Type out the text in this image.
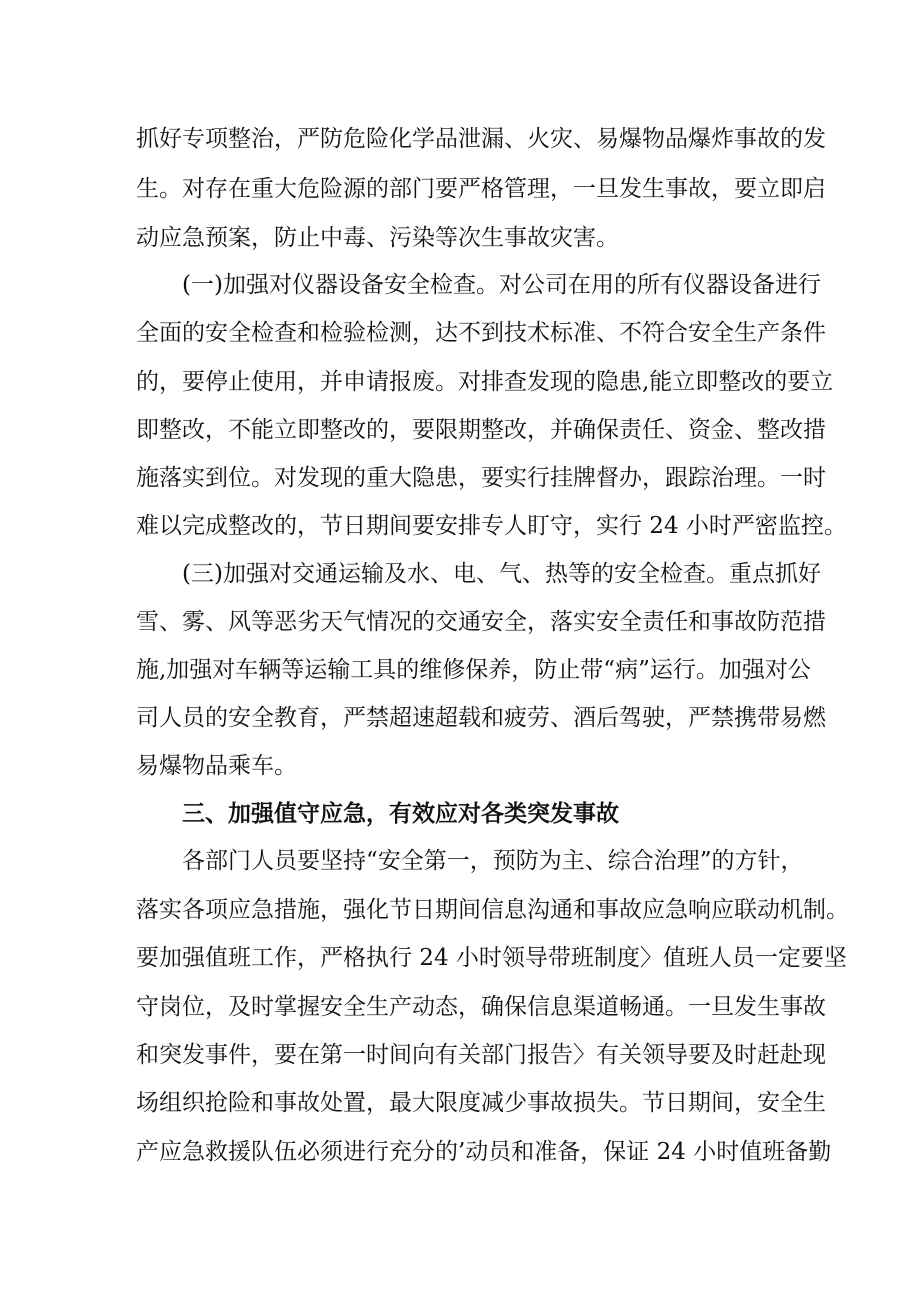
抓好专项整治，严防危险化学品泄漏、火灾、易爆物品爆炸事故的发
生。对存在重大危险源的部门要严格管理，一旦发生事故，要立即启
动应急预案，防止中毒、污染等次生事故灾害。
(一)加强对仪器设备安全检查。对公司在用的所有仪器设备进行
全面的安全检查和检验检测，达不到技术标准、不符合安全生产条件
的，要停止使用，并申请报废。对排查发现的隐患,能立即整改的要立
即整改，不能立即整改的，要限期整改，并确保责任、资金、整改措
施落实到位。对发现的重大隐患，要实行挂牌督办，跟踪治理。一时
难以完成整改的，节日期间要安排专人盯守，实行 24 小时严密监控。
(三)加强对交通运输及水、电、气、热等的安全检查。重点抓好
雪、雾、风等恶劣天气情况的交通安全，落实安全责任和事故防范措
施,加强对车辆等运输工具的维修保养，防止带“病”运行。加强对公
司人员的安全教育，严禁超速超载和疲劳、酒后驾驶，严禁携带易燃
易爆物品乘车。
三、加强值守应急，有效应对各类突发事故
各部门人员要坚持“安全第一，预防为主、综合治理”的方针，
落实各项应急措施，强化节日期间信息沟通和事故应急响应联动机制。
要加强值班工作，严格执行 24 小时领导带班制度〉值班人员一定要坚
守岗位，及时掌握安全生产动态，确保信息渠道畅通。一旦发生事故
和突发事件，要在第一时间向有关部门报告〉有关领导要及时赶赴现
场组织抢险和事故处置，最大限度减少事故损失。节日期间，安全生
产应急救援队伍必须进行充分的’动员和准备，保证 24 小时值班备勤
